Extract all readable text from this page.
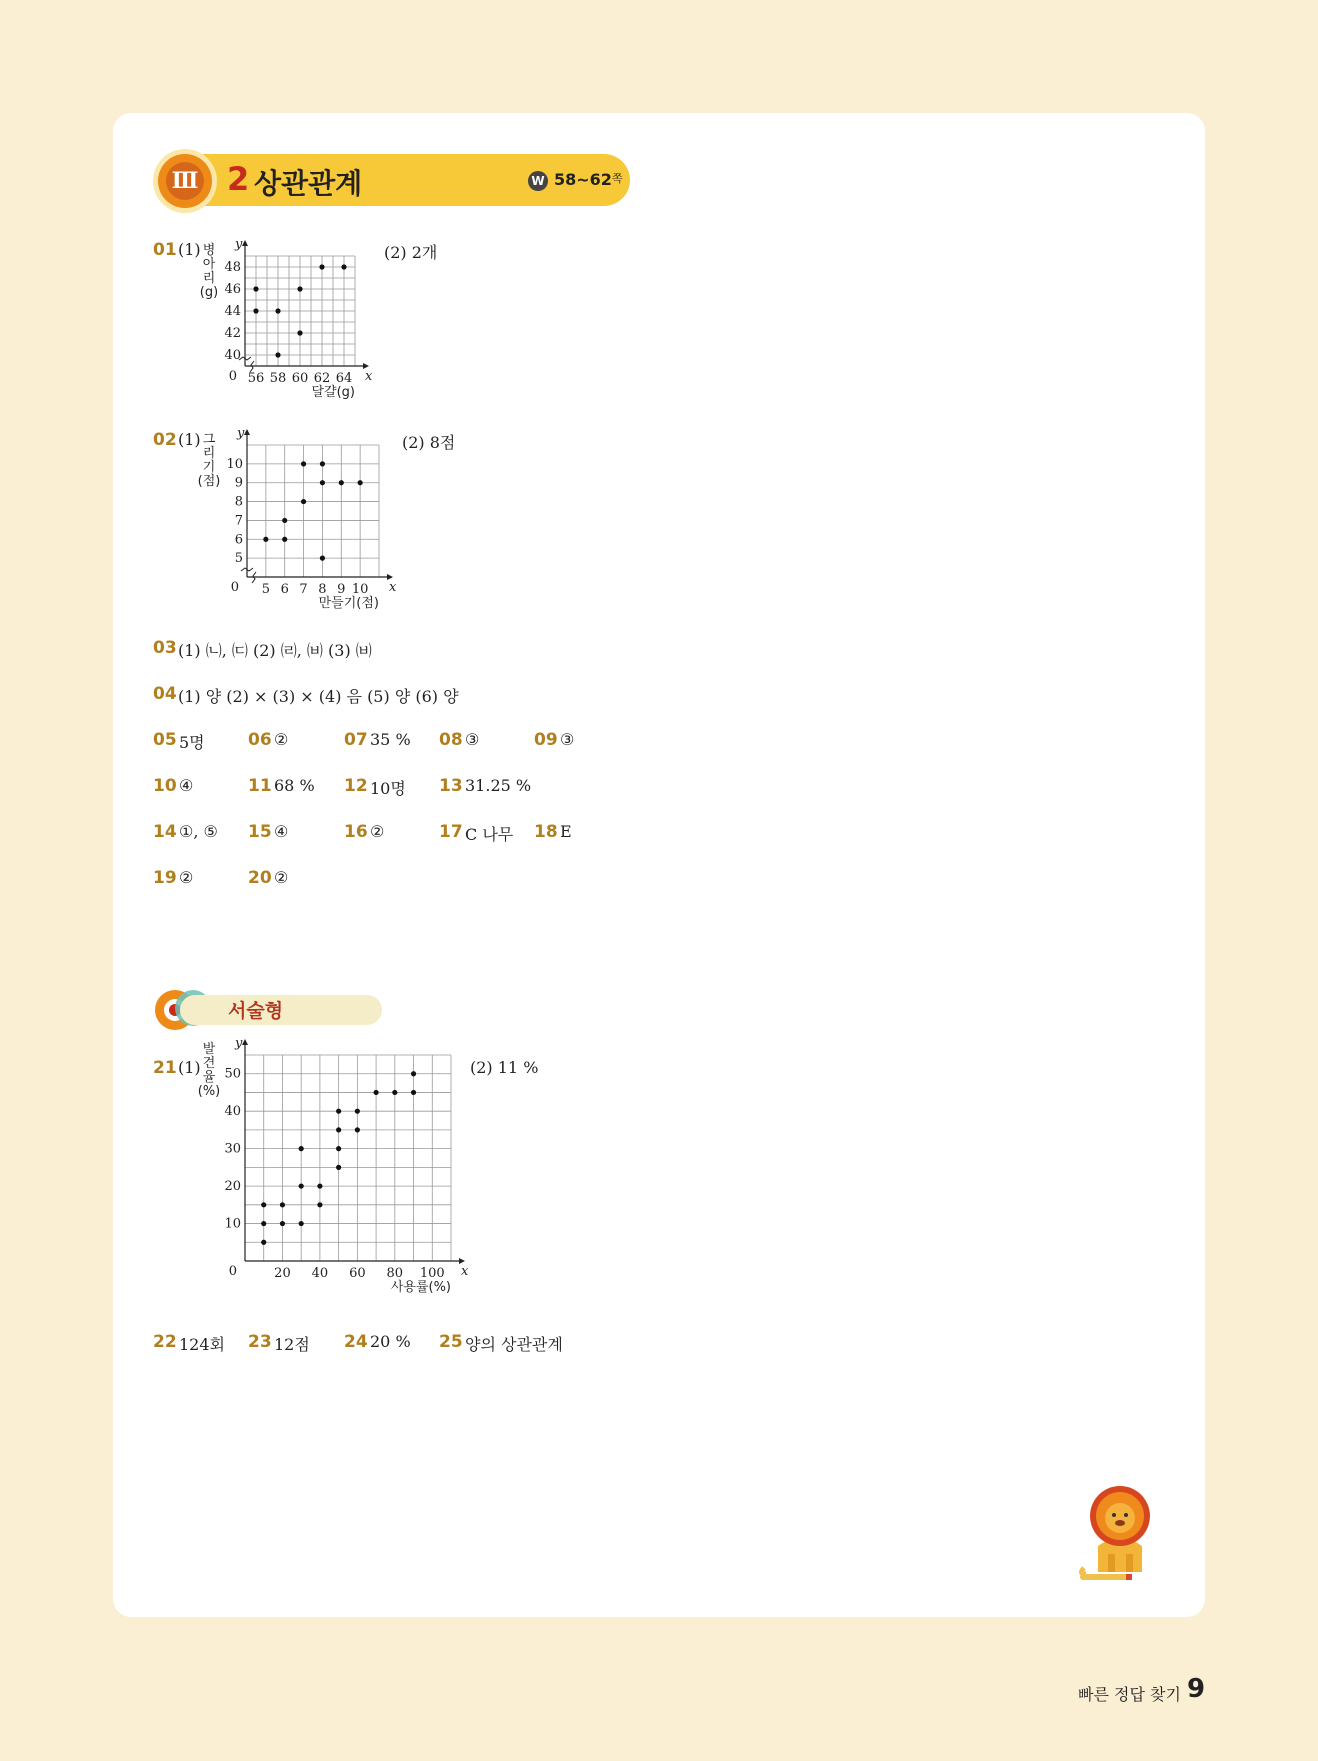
Ⅲ 2 상관관계	W $58\sim 62^쪽$
01 (1)	(2) 2개
56 58 60 62 64
48
46
44
42
40
0	x
y
달걀(g)
병
아
리
(g)
02 (1)	(2) 8점
5 6 7 8 9 10
10
9
8
7
6
5
0	x
y
만들기(점)
그
리
기
(점)
03 (1) ㈁, ㈂ (2) ㈃, ㈅ (3) ㈅
04 (1) 양 (2) × (3) × (4) 음 (5) 양 (6) 양
05 5명	06 ②	07 35 % 08 ③	09 ③
10 ④	11 68 % 12 10명 13 31.25 %
14 ①, ⑤ 15 ④	16 ②	17 C 나무 18 E
19 ②	20 ②
서술형
21 (1)	(2) 11 %
20 40 60 80 100
50
40
30
20
10
0	x
y
사용률(%)
발
견
율
(%)
22 124회 23 12점 24 20 % 25 양의 상관관계
빠른 정답 찾기 9
